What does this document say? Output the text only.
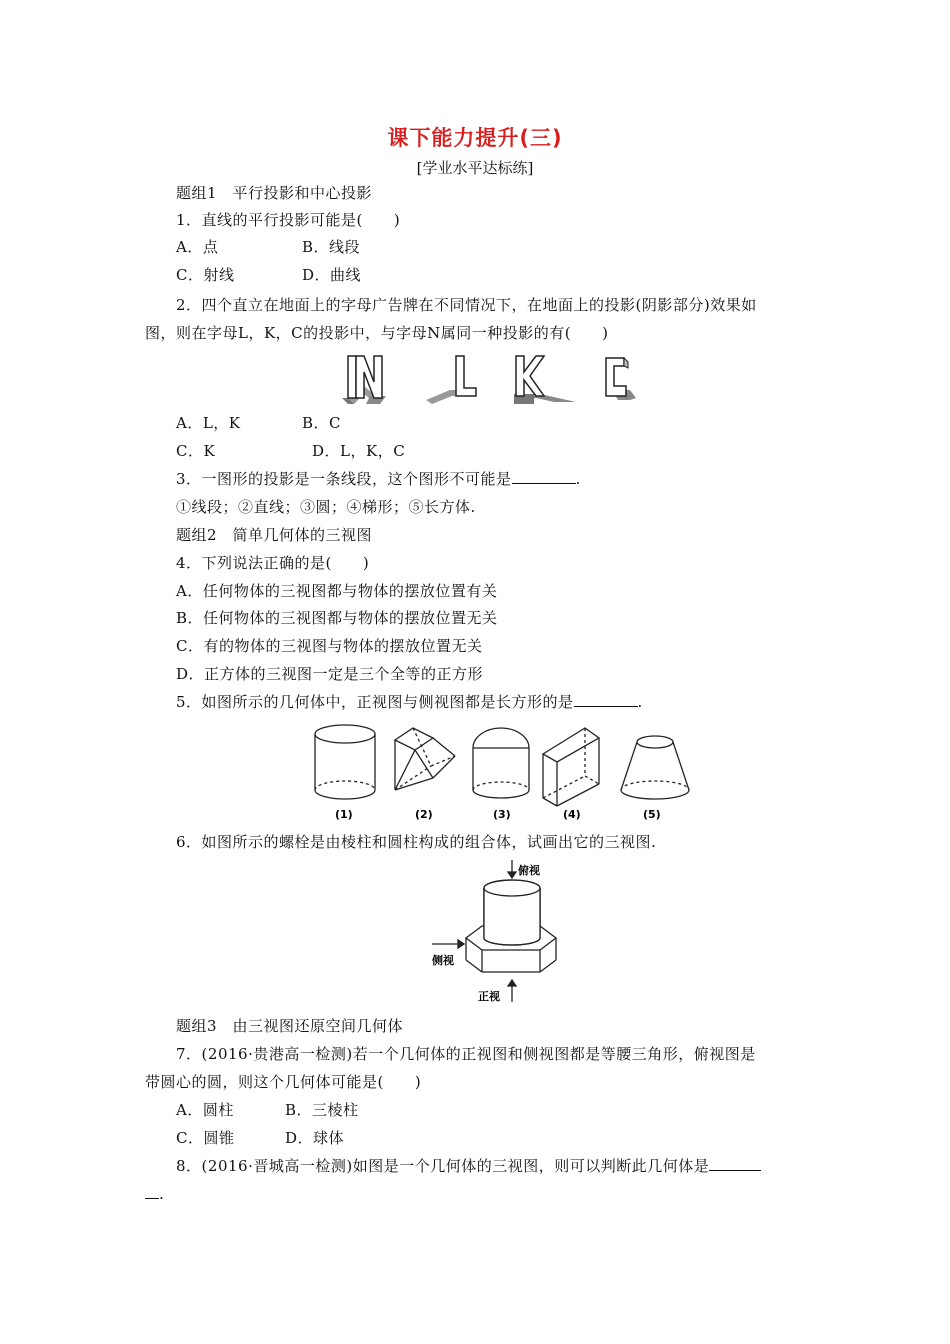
课下能力提升(三)
[学业水平达标练]
题组1　平行投影和中心投影
1．直线的平行投影可能是(　　)
A．点	B．线段
C．射线	D．曲线
2．四个直立在地面上的字母广告牌在不同情况下，在地面上的投影(阴影部分)效果如
图，则在字母L，K，C的投影中，与字母N属同一种投影的有(　　)
N	L	K	C
A．L，K	B．C
C．K	D．L，K，C
3．一图形的投影是一条线段，这个图形不可能是	.
①线段；②直线；③圆；④梯形；⑤长方体.
题组2　简单几何体的三视图
4．下列说法正确的是(　　)
A．任何物体的三视图都与物体的摆放位置有关
B．任何物体的三视图都与物体的摆放位置无关
C．有的物体的三视图与物体的摆放位置无关
D．正方体的三视图一定是三个全等的正方形
5．如图所示的几何体中，正视图与侧视图都是长方形的是	.
(1)	(2)	(3)	(4)	(5)
6．如图所示的螺栓是由棱柱和圆柱构成的组合体，试画出它的三视图.
俯视
侧视
正视
题组3　由三视图还原空间几何体
7．(2016·贵港高一检测)若一个几何体的正视图和侧视图都是等腰三角形，俯视图是
带圆心的圆，则这个几何体可能是(　　)
A．圆柱	B．三棱柱
C．圆锥	D．球体
8．(2016·晋城高一检测)如图是一个几何体的三视图，则可以判断此几何体是
.
